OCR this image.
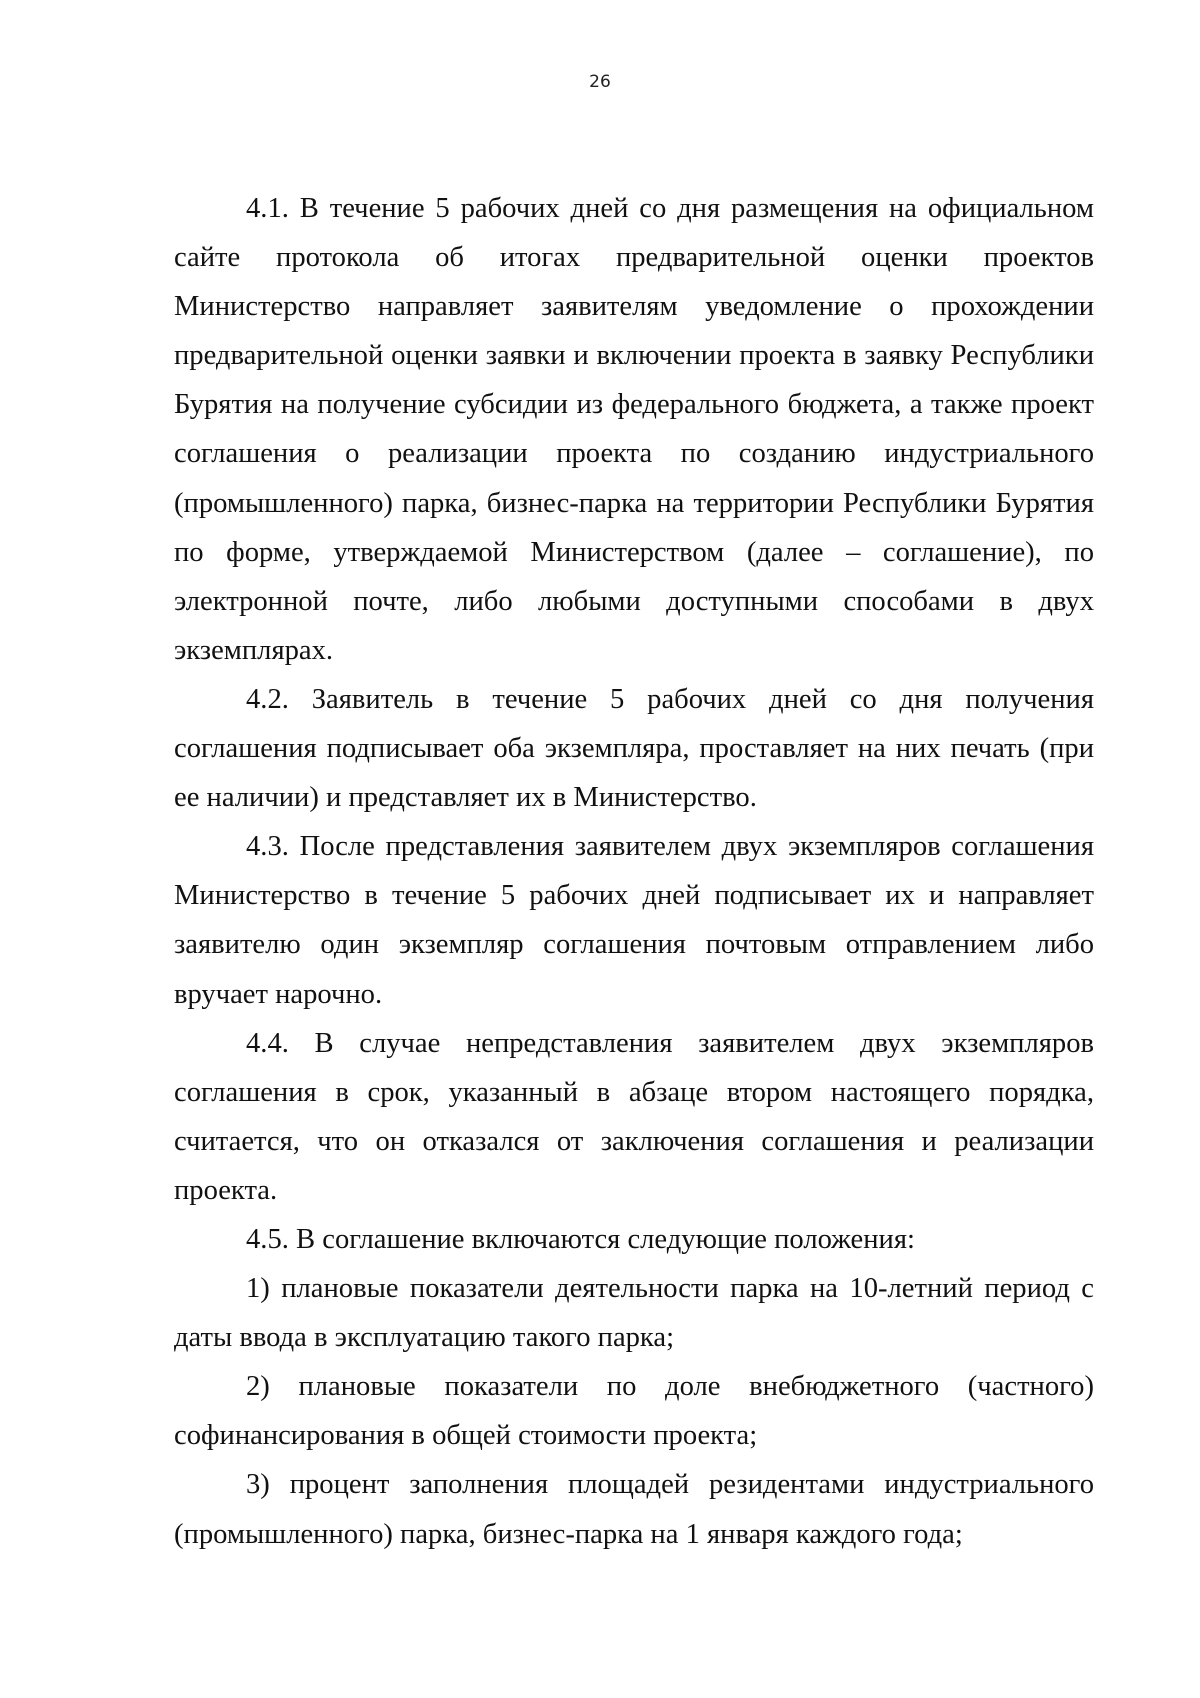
26

4.1. В течение 5 рабочих дней со дня размещения на официальном сайте протокола об итогах предварительной оценки проектов Министерство направляет заявителям уведомление о прохождении предварительной оценки заявки и включении проекта в заявку Республики Бурятия на получение субсидии из федерального бюджета, а также проект соглашения о реализации проекта по созданию индустриального (промышленного) парка, бизнес-парка на территории Республики Бурятия по форме, утверждаемой Министерством (далее – соглашение), по электронной почте, либо любыми доступными способами в двух экземплярах.

4.2. Заявитель в течение 5 рабочих дней со дня получения соглашения подписывает оба экземпляра, проставляет на них печать (при ее наличии) и представляет их в Министерство.

4.3. После представления заявителем двух экземпляров соглашения Министерство в течение 5 рабочих дней подписывает их и направляет заявителю один экземпляр соглашения почтовым отправлением либо вручает нарочно.

4.4. В случае непредставления заявителем двух экземпляров соглашения в срок, указанный в абзаце втором настоящего порядка, считается, что он отказался от заключения соглашения и реализации проекта.

4.5. В соглашение включаются следующие положения:

1) плановые показатели деятельности парка на 10-летний период с даты ввода в эксплуатацию такого парка;

2) плановые показатели по доле внебюджетного (частного) софинансирования в общей стоимости проекта;

3) процент заполнения площадей резидентами индустриального (промышленного) парка, бизнес-парка на 1 января каждого года;
